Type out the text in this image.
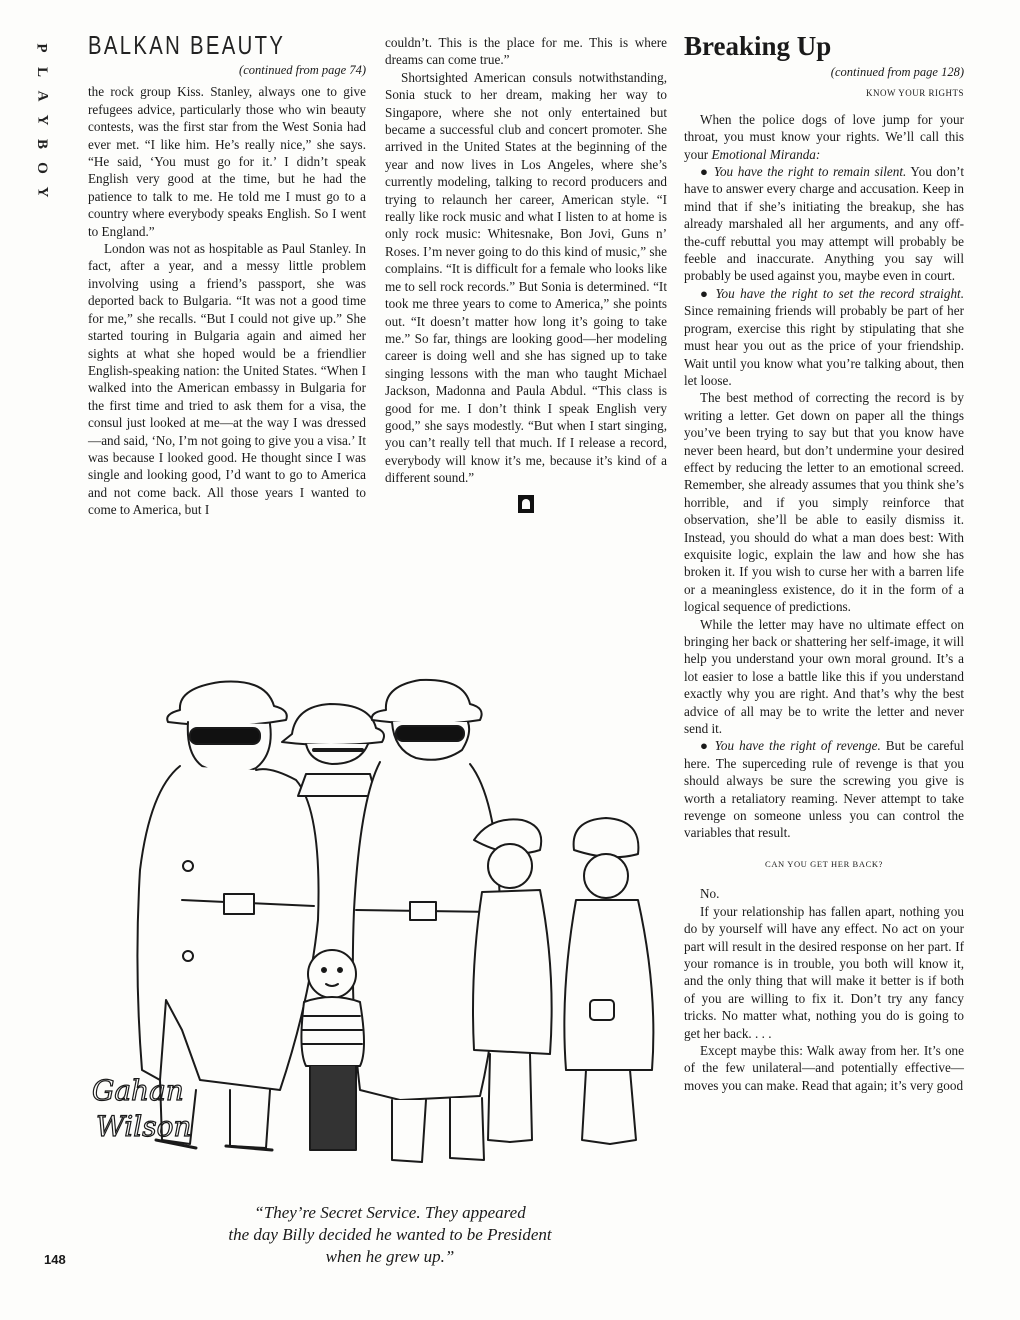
P
L
A
Y
B
O
Y
BALKAN BEAUTY
(continued from page 74)

the rock group Kiss. Stanley, always one to give refugees advice, particularly those who win beauty contests, was the first star from the West Sonia had ever met. “I like him. He’s really nice,” she says. “He said, ‘You must go for it.’ I didn’t speak English very good at the time, but he had the patience to talk to me. He told me I must go to a country where everybody speaks English. So I went to England.”

London was not as hospitable as Paul Stanley. In fact, after a year, and a messy little problem involving using a friend’s passport, she was deported back to Bulgaria. “It was not a good time for me,” she recalls. “But I could not give up.” She started touring in Bulgaria again and aimed her sights at what she hoped would be a friendlier English-speaking nation: the United States. “When I walked into the American embassy in Bulgaria for the first time and tried to ask them for a visa, the consul just looked at me—at the way I was dressed—and said, ‘No, I’m not going to give you a visa.’ It was because I looked good. He thought since I was single and looking good, I’d want to go to America and not come back. All those years I wanted to come to America, but I

couldn’t. This is the place for me. This is where dreams can come true.”

Shortsighted American consuls notwithstanding, Sonia stuck to her dream, making her way to Singapore, where she not only entertained but became a successful club and concert promoter. She arrived in the United States at the beginning of the year and now lives in Los Angeles, where she’s currently modeling, talking to record producers and trying to relaunch her career, American style. “I really like rock music and what I listen to at home is only rock music: Whitesnake, Bon Jovi, Guns n’ Roses. I’m never going to do this kind of music,” she complains. “It is difficult for a female who looks like me to sell rock records.” But Sonia is determined. “It took me three years to come to America,” she points out. “It doesn’t matter how long it’s going to take me.” So far, things are looking good—her modeling career is doing well and she has signed up to take singing lessons with the man who taught Michael Jackson, Madonna and Paula Abdul. “This class is good for me. I don’t think I speak English very good,” she says modestly. “But when I start singing, you can’t really tell that much. If I release a record, everybody will know it’s me, because it’s kind of a different sound.”

Breaking Up
(continued from page 128)
KNOW YOUR RIGHTS

When the police dogs of love jump for your throat, you must know your rights. We’ll call this your Emotional Miranda:

● You have the right to remain silent. You don’t have to answer every charge and accusation. Keep in mind that if she’s initiating the breakup, she has already marshaled all her arguments, and any off-the-cuff rebuttal you may attempt will probably be feeble and inaccurate. Anything you say will probably be used against you, maybe even in court.

● You have the right to set the record straight. Since remaining friends will probably be part of her program, exercise this right by stipulating that she must hear you out as the price of your friendship. Wait until you know what you’re talking about, then let loose.

The best method of correcting the record is by writing a letter. Get down on paper all the things you’ve been trying to say but that you know have never been heard, but don’t undermine your desired effect by reducing the letter to an emotional screed. Remember, she already assumes that you think she’s horrible, and if you simply reinforce that observation, she’ll be able to easily dismiss it. Instead, you should do what a man does best: With exquisite logic, explain the law and how she has broken it. If you wish to curse her with a barren life or a meaningless existence, do it in the form of a logical sequence of predictions.

While the letter may have no ultimate effect on bringing her back or shattering her self-image, it will help you understand your own moral ground. It’s a lot easier to lose a battle like this if you understand exactly why you are right. And that’s why the best advice of all may be to write the letter and never send it.

● You have the right of revenge. But be careful here. The superceding rule of revenge is that you should always be sure the screwing you give is worth a retaliatory reaming. Never attempt to take revenge on someone unless you can control the variables that result.

CAN YOU GET HER BACK?

No.

If your relationship has fallen apart, nothing you do by yourself will have any effect. No act on your part will result in the desired response on her part. If your romance is in trouble, you both will know it, and the only thing that will make it better is if both of you are willing to fix it. Don’t try any fancy tricks. No matter what, nothing you do is going to get her back. . . .

Except maybe this: Walk away from her. It’s one of the few unilateral—and potentially effective—moves you can make. Read that again; it’s very good

Gahan
Wilson
“They’re Secret Service. They appeared
the day Billy decided he wanted to be President
when he grew up.”
148
